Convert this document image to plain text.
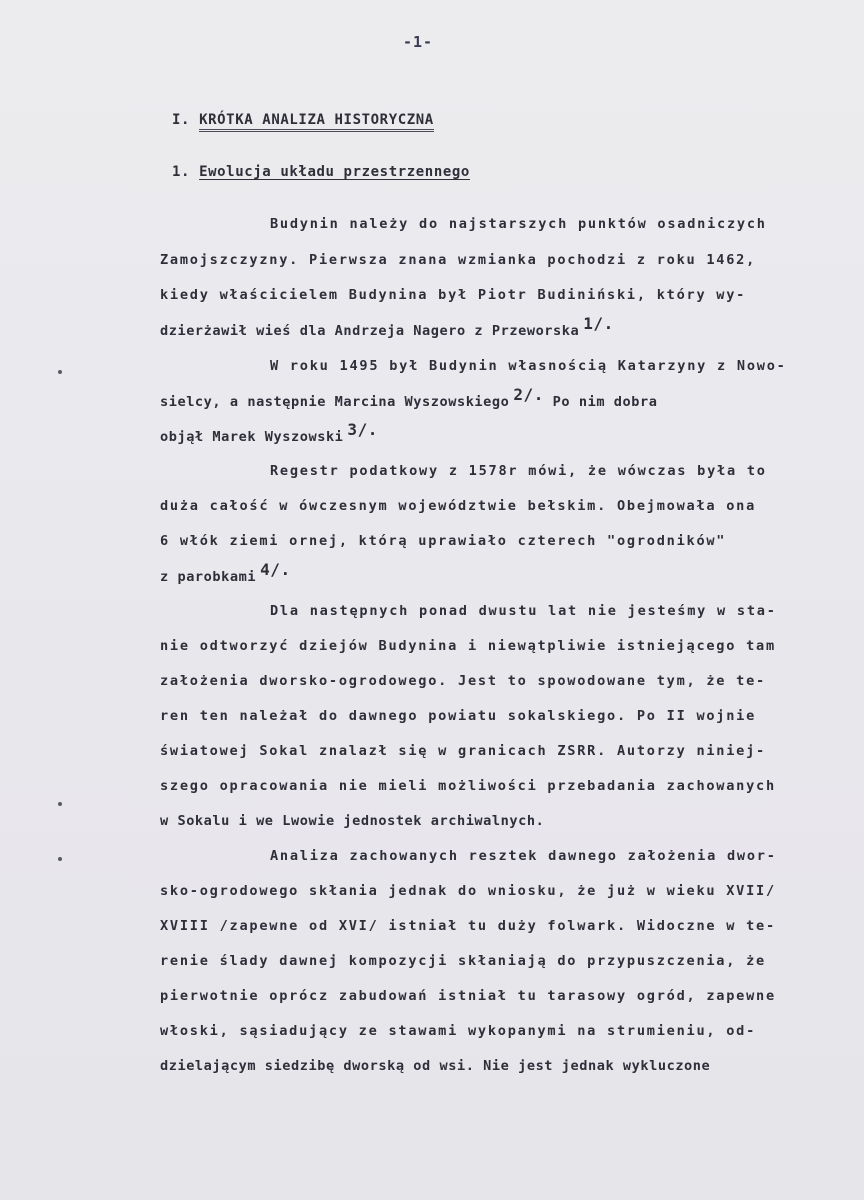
-1-
I. KRÓTKA ANALIZA HISTORYCZNA
1. Ewolucja układu przestrzennego
Budynin należy do najstarszych punktów osadniczych
Zamojszczyzny. Pierwsza znana wzmianka pochodzi z roku 1462,
kiedy właścicielem Budynina był Piotr Budiniński, który wy-
dzierżawił wieś dla Andrzeja Nagero z Przeworska 1/.
W roku 1495 był Budynin własnością Katarzyny z Nowo-
sielcy, a następnie Marcina Wyszowskiego 2/. Po nim dobra
objął Marek Wyszowski 3/.
Regestr podatkowy z 1578r mówi, że wówczas była to
duża całość w ówczesnym województwie bełskim. Obejmowała ona
6 włók ziemi ornej, którą uprawiało czterech "ogrodników"
z parobkami 4/.
Dla następnych ponad dwustu lat nie jesteśmy w sta-
nie odtworzyć dziejów Budynina i niewątpliwie istniejącego tam
założenia dworsko-ogrodowego. Jest to spowodowane tym, że te-
ren ten należał do dawnego powiatu sokalskiego. Po II wojnie
światowej Sokal znalazł się w granicach ZSRR. Autorzy niniej-
szego opracowania nie mieli możliwości przebadania zachowanych
w Sokalu i we Lwowie jednostek archiwalnych.
Analiza zachowanych resztek dawnego założenia dwor-
sko-ogrodowego skłania jednak do wniosku, że już w wieku XVII/
XVIII /zapewne od XVI/ istniał tu duży folwark. Widoczne w te-
renie ślady dawnej kompozycji skłaniają do przypuszczenia, że
pierwotnie oprócz zabudowań istniał tu tarasowy ogród, zapewne
włoski, sąsiadujący ze stawami wykopanymi na strumieniu, od-
dzielającym siedzibę dworską od wsi. Nie jest jednak wykluczone
